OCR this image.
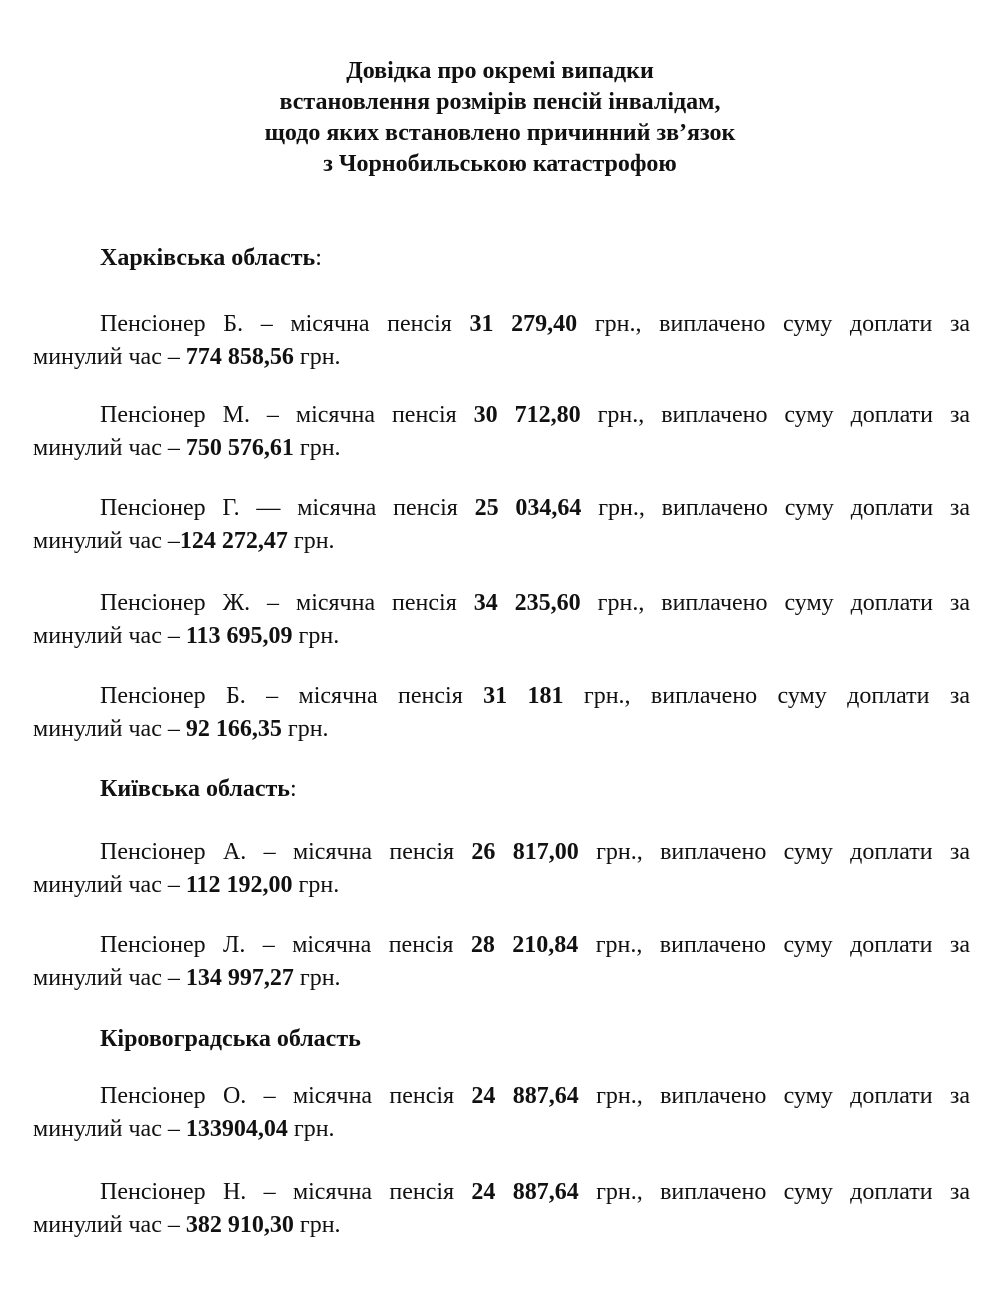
Довідка про окремі випадки
встановлення розмірів пенсій інвалідам,
щодо яких встановлено причинний зв’язок
з Чорнобильською катастрофою
Харківська область:
Пенсіонер Б. – місячна пенсія 31 279,40 грн., виплачено суму доплати за
минулий час – 774 858,56 грн.
Пенсіонер М. – місячна пенсія 30 712,80 грн., виплачено суму доплати за
минулий час – 750 576,61 грн.
Пенсіонер Г. — місячна пенсія 25 034,64 грн., виплачено суму доплати за
минулий час –124 272,47 грн.
Пенсіонер Ж. – місячна пенсія 34 235,60 грн., виплачено суму доплати за
минулий час – 113 695,09 грн.
Пенсіонер Б. – місячна пенсія 31 181 грн., виплачено суму доплати за
минулий час – 92 166,35 грн.
Київська область:
Пенсіонер А. – місячна пенсія 26 817,00 грн., виплачено суму доплати за
минулий час – 112 192,00 грн.
Пенсіонер Л. – місячна пенсія 28 210,84 грн., виплачено суму доплати за
минулий час – 134 997,27 грн.
Кіровоградська область
Пенсіонер О. – місячна пенсія 24 887,64 грн., виплачено суму доплати за
минулий час – 133904,04 грн.
Пенсіонер Н. – місячна пенсія 24 887,64 грн., виплачено суму доплати за
минулий час – 382 910,30 грн.
